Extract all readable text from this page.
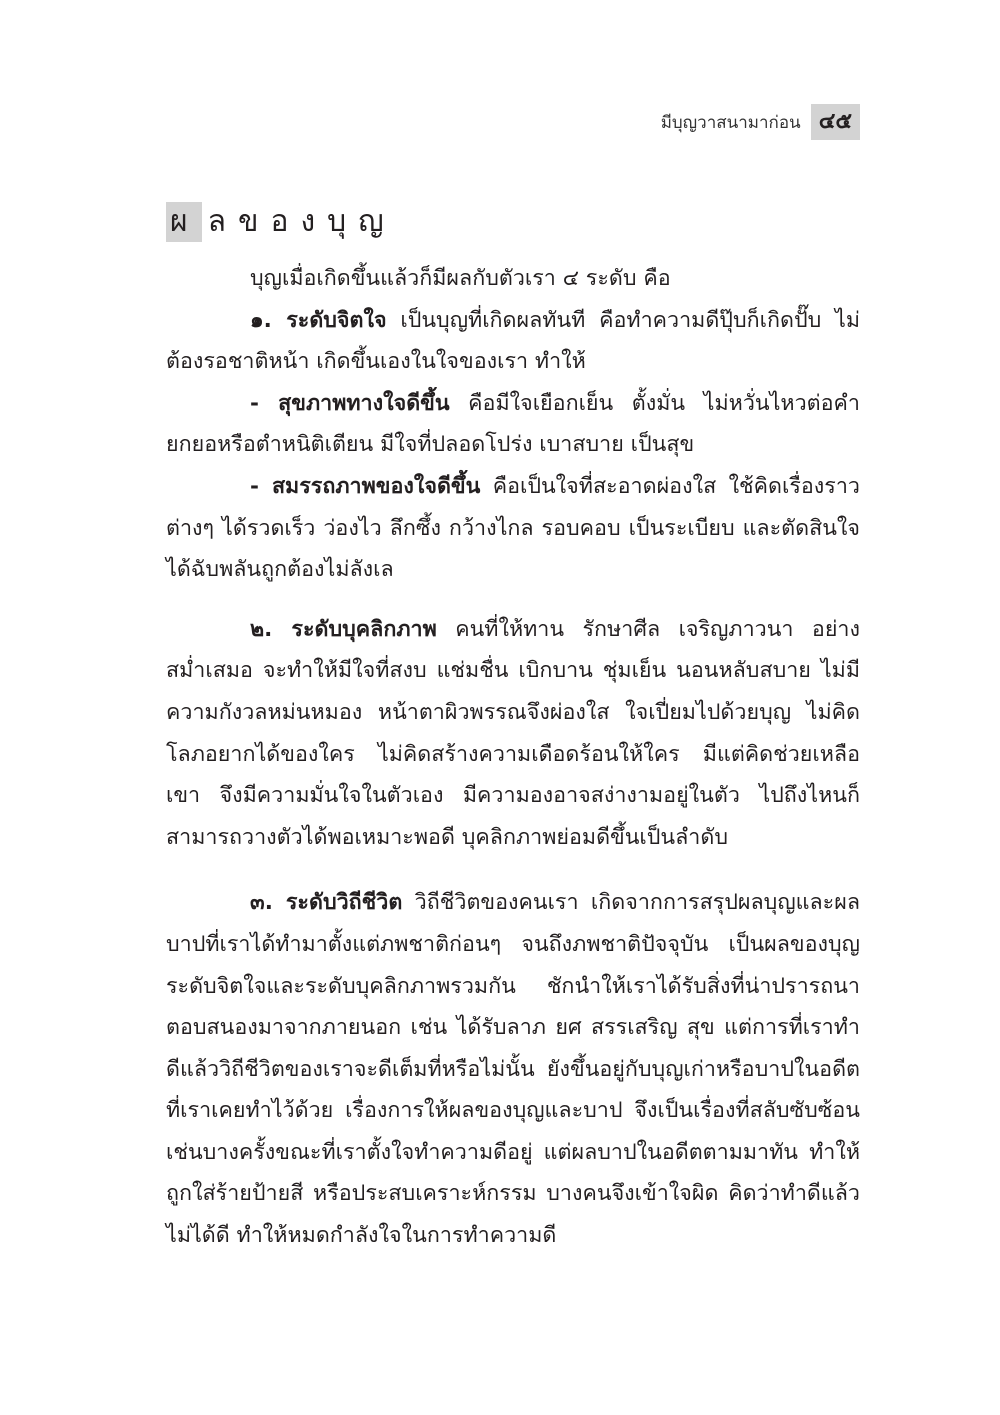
มีบุญวาสนามาก่อน ๔๕
ผ ลของบุญ

บุญเมื่อเกิดขึ้นแล้วก็มีผลกับตัวเรา ๔ ระดับ คือ

๑. ระดับจิตใจ เป็นบุญที่เกิดผลทันที คือทำความดีปุ๊บก็เกิดปั๊บ ไม่ต้องรอชาติหน้า เกิดขึ้นเองในใจของเรา ทำให้

- สุขภาพทางใจดีขึ้น คือมีใจเยือกเย็น ตั้งมั่น ไม่หวั่นไหวต่อคำยกยอหรือตำหนิติเตียน มีใจที่ปลอดโปร่ง เบาสบาย เป็นสุข

- สมรรถภาพของใจดีขึ้น คือเป็นใจที่สะอาดผ่องใส ใช้คิดเรื่องราวต่างๆ ได้รวดเร็ว ว่องไว ลึกซึ้ง กว้างไกล รอบคอบ เป็นระเบียบ และตัดสินใจได้ฉับพลันถูกต้องไม่ลังเล

๒. ระดับบุคลิกภาพ คนที่ให้ทาน รักษาศีล เจริญภาวนา อย่างสม่ำเสมอ จะทำให้มีใจที่สงบ แช่มชื่น เบิกบาน ชุ่มเย็น นอนหลับสบาย ไม่มีความกังวลหม่นหมอง หน้าตาผิวพรรณจึงผ่องใส ใจเปี่ยมไปด้วยบุญ ไม่คิดโลภอยากได้ของใคร ไม่คิดสร้างความเดือดร้อนให้ใคร มีแต่คิดช่วยเหลือเขา จึงมีความมั่นใจในตัวเอง มีความองอาจสง่างามอยู่ในตัว ไปถึงไหนก็สามารถวางตัวได้พอเหมาะพอดี บุคลิกภาพย่อมดีขึ้นเป็นลำดับ

๓. ระดับวิถีชีวิต วิถีชีวิตของคนเรา เกิดจากการสรุปผลบุญและผลบาปที่เราได้ทำมาตั้งแต่ภพชาติก่อนๆ จนถึงภพชาติปัจจุบัน เป็นผลของบุญระดับจิตใจและระดับบุคลิกภาพรวมกัน ชักนำให้เราได้รับสิ่งที่น่าปรารถนาตอบสนองมาจากภายนอก เช่น ได้รับลาภ ยศ สรรเสริญ สุข แต่การที่เราทำดีแล้ววิถีชีวิตของเราจะดีเต็มที่หรือไม่นั้น ยังขึ้นอยู่กับบุญเก่าหรือบาปในอดีตที่เราเคยทำไว้ด้วย เรื่องการให้ผลของบุญและบาป จึงเป็นเรื่องที่สลับซับซ้อนเช่นบางครั้งขณะที่เราตั้งใจทำความดีอยู่ แต่ผลบาปในอดีตตามมาทัน ทำให้ถูกใส่ร้ายป้ายสี หรือประสบเคราะห์กรรม บางคนจึงเข้าใจผิด คิดว่าทำดีแล้วไม่ได้ดี ทำให้หมดกำลังใจในการทำความดี
